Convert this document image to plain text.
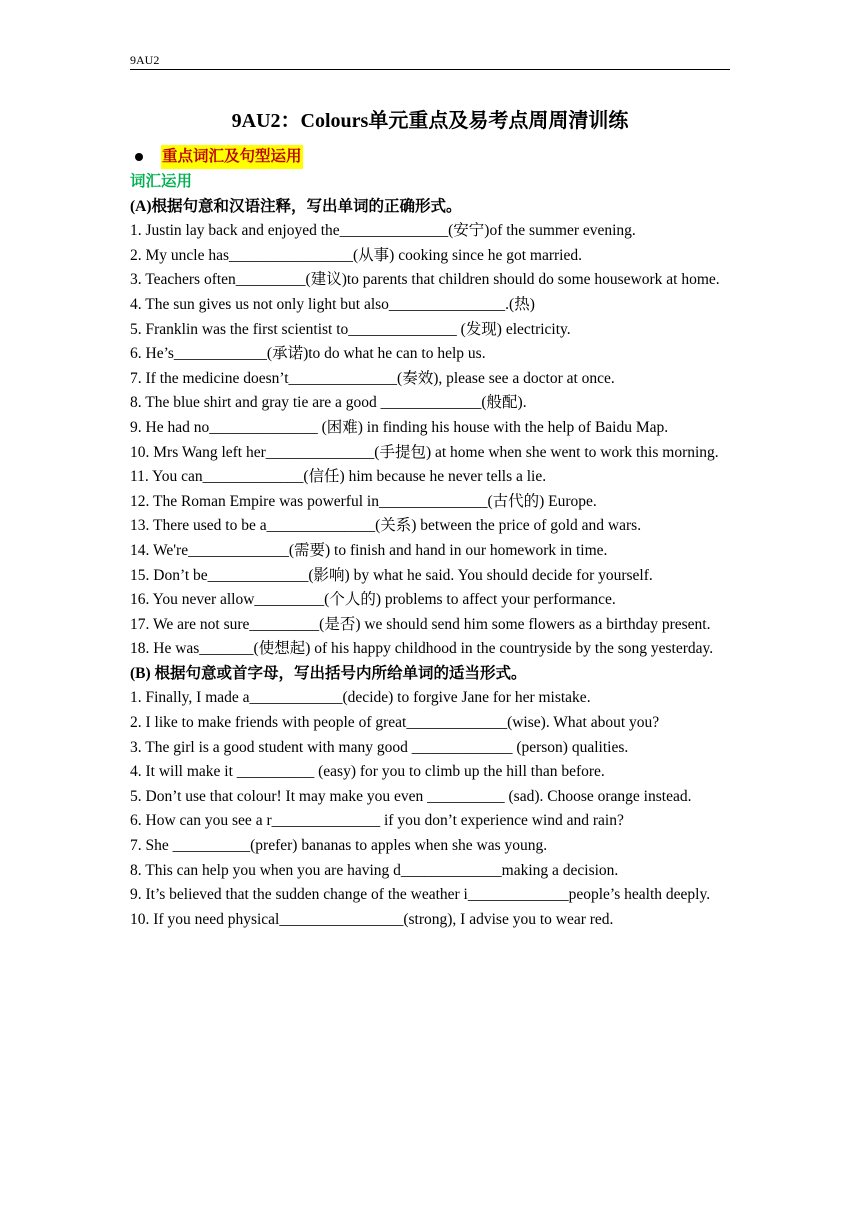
9AU2
9AU2：Colours单元重点及易考点周周清训练
重点词汇及句型运用
词汇运用
(A)根据句意和汉语注释，写出单词的正确形式。
1. Justin lay back and enjoyed the______________(安宁)of the summer evening.
2. My uncle has________________(从事) cooking since he got married.
3. Teachers often_________(建议)to parents that children should do some housework at home.
4. The sun gives us not only light but also_______________.(热)
5. Franklin was the first scientist to______________ (发现) electricity.
6. He’s____________(承诺)to do what he can to help us.
7. If the medicine doesn’t______________(奏效), please see a doctor at once.
8. The blue shirt and gray tie are a good _____________(般配).
9. He had no______________ (困难) in finding his house with the help of Baidu Map.
10. Mrs Wang left her______________(手提包) at home when she went to work this morning.
11. You can_____________(信任) him because he never tells a lie.
12. The Roman Empire was powerful in______________(古代的) Europe.
13. There used to be a______________(关系) between the price of gold and wars.
14. We're_____________(需要) to finish and hand in our homework in time.
15. Don’t be_____________(影响) by what he said. You should decide for yourself.
16. You never allow_________(个人的) problems to affect your performance.
17. We are not sure_________(是否) we should send him some flowers as a birthday present.
18. He was_______(使想起) of his happy childhood in the countryside by the song yesterday.
(B) 根据句意或首字母，写出括号内所给单词的适当形式。
1. Finally, I made a____________(decide) to forgive Jane for her mistake.
2. I like to make friends with people of great_____________(wise). What about you?
3. The girl is a good student with many good _____________ (person) qualities.
4. It will make it __________ (easy) for you to climb up the hill than before.
5. Don’t use that colour! It may make you even __________ (sad). Choose orange instead.
6. How can you see a r______________ if you don’t experience wind and rain?
7. She __________(prefer) bananas to apples when she was young.
8. This can help you when you are having d_____________making a decision.
9. It’s believed that the sudden change of the weather i_____________people’s health deeply.
10. If you need physical________________(strong), I advise you to wear red.
